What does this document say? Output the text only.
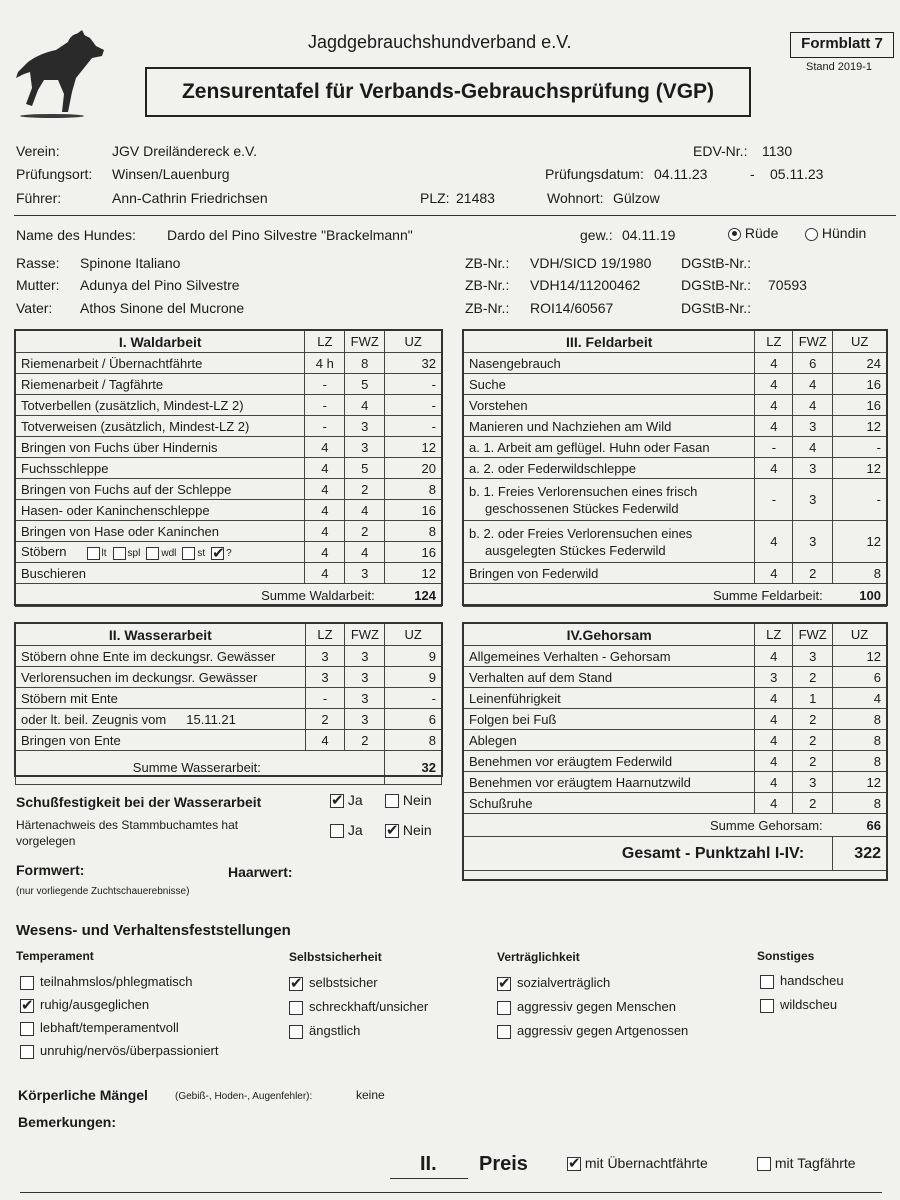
Jagdgebrauchshundverband e.V.	Formblatt 7
Stand 2019-1
Zensurentafel für Verbands-Gebrauchsprüfung (VGP)
Verein:	JGV Dreiländereck e.V.	EDV-Nr.: 1130
Prüfungsort: Winsen/Lauenburg	Prüfungsdatum: 04.11.23	- 05.11.23
Führer:	Ann-Cathrin Friedrichsen	PLZ: 21483	Wohnort: Gülzow
Name des Hundes: Dardo del Pino Silvestre "Brackelmann"	gew.: 04.11.19	Rüde	Hündin
Rasse: Spinone Italiano	ZB-Nr.: VDH/SICD 19/1980 DGStB-Nr.:
Mutter: Adunya del Pino Silvestre	ZB-Nr.: VDH14/11200462	DGStB-Nr.: 70593
Vater: Athos Sinone del Mucrone	ZB-Nr.: ROI14/60567	DGStB-Nr.:
I. Waldarbeit	LZ	FWZ	UZ
Riemenarbeit / Übernachtfährte	4 h	8	32
Riemenarbeit / Tagfährte	-	5	-
Totverbellen (zusätzlich, Mindest-LZ 2)	-	4	-
Totverweisen (zusätzlich, Mindest-LZ 2)	-	3	-
Bringen von Fuchs über Hindernis	4	3	12
Fuchsschleppe	4	5	20
Bringen von Fuchs auf der Schleppe	4	2	8
Hasen- oder Kaninchenschleppe	4	4	16
Bringen von Hase oder Kaninchen	4	2	8
Stöbern lt spl wdl st ✔ ?	4	4	16
Buschieren	4	3	12
Summe Waldarbeit:			124
III. Feldarbeit	LZ	FWZ	UZ
Nasengebrauch	4	6	24
Suche	4	4	16
Vorstehen	4	4	16
Manieren und Nachziehen am Wild	4	3	12
a. 1. Arbeit am geflügel. Huhn oder Fasan	-	4	-
a. 2. oder Federwildschleppe	4	3	12

b. 1. Freies Verlorensuchen eines frisch
geschossenen Stückes Federwild	-	3	-

b. 2. oder Freies Verlorensuchen eines
ausgelegten Stückes Federwild	4	3	12
Bringen von Federwild	4	2	8
Summe Feldarbeit:			100
II. Wasserarbeit	LZ	FWZ	UZ
Stöbern ohne Ente im deckungsr. Gewässer	3	3	9
Verlorensuchen im deckungsr. Gewässer	3	3	9
Stöbern mit Ente	-	3	-
oder lt. beil. Zeugnis vom 15.11.21	2	3	6
Bringen von Ente	4	2	8
Summe Wasserarbeit:			32
IV.Gehorsam	LZ	FWZ	UZ
Allgemeines Verhalten - Gehorsam	4	3	12
Verhalten auf dem Stand	3	2	6
Leinenführigkeit	4	1	4
Folgen bei Fuß	4	2	8
Ablegen	4	2	8
Benehmen vor eräugtem Federwild	4	2	8
Benehmen vor eräugtem Haarnutzwild	4	3	12
Schußruhe	4	2	8
Summe Gehorsam:			66
Gesamt - Punktzahl I-IV:			322
Schußfestigkeit bei der Wasserarbeit ✔	Ja	Nein
Härtenachweis des Stammbuchamtes hat
vorgelegen
Ja ✔	Nein
Formwert:	Haarwert:
(nur vorliegende Zuchtschauerebnisse)
Wesens- und Verhaltensfeststellungen
Temperament	Selbstsicherheit	Verträglichkeit	Sonstiges
teilnahmslos/phlegmatisch
✔ruhig/ausgeglichen
lebhaft/temperamentvoll
unruhig/nervös/überpassioniert
✔selbstsicher
schreckhaft/unsicher
ängstlich
✔sozialverträglich
aggressiv gegen Menschen
aggressiv gegen Artgenossen
handscheu
wildscheu
Körperliche Mängel	(Gebiß-, Hoden-, Augenfehler):	keine
Bemerkungen:
II. Preis ✔	mit Übernachtfährte	mit Tagfährte
